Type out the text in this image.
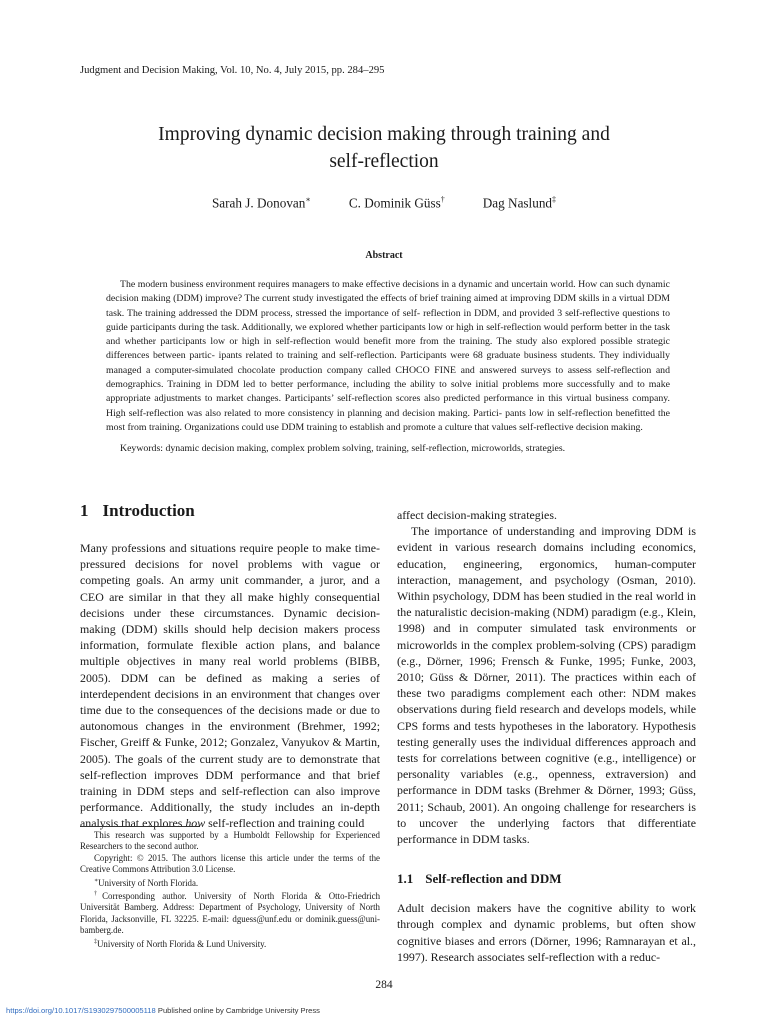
Judgment and Decision Making, Vol. 10, No. 4, July 2015, pp. 284–295
Improving dynamic decision making through training and
self-reflection
Sarah J. Donovan∗	C. Dominik Güss†	Dag Naslund‡
Abstract

The modern business environment requires managers to make effective decisions in a dynamic and uncertain world. How can such dynamic decision making (DDM) improve? The current study investigated the effects of brief training aimed at improving DDM skills in a virtual DDM task. The training addressed the DDM process, stressed the importance of self- reflection in DDM, and provided 3 self-reflective questions to guide participants during the task. Additionally, we explored whether participants low or high in self-reflection would perform better in the task and whether participants low or high in self-reflection would benefit more from the training. The study also explored possible strategic differences between partic- ipants related to training and self-reflection. Participants were 68 graduate business students. They individually managed a computer-simulated chocolate production company called CHOCO FINE and answered surveys to assess self-reflection and demographics. Training in DDM led to better performance, including the ability to solve initial problems more successfully and to make appropriate adjustments to market changes. Participants’ self-reflection scores also predicted performance in this virtual business company. High self-reflection was also related to more consistency in planning and decision making. Partici- pants low in self-reflection benefitted the most from training. Organizations could use DDM training to establish and promote a culture that values self-reflective decision making.

Keywords: dynamic decision making, complex problem solving, training, self-reflection, microworlds, strategies.

1 Introduction

Many professions and situations require people to make time-pressured decisions for novel problems with vague or competing goals. An army unit commander, a juror, and a CEO are similar in that they all make highly consequential decisions under these circumstances. Dynamic decision-making (DDM) skills should help decision makers process information, formulate flexible action plans, and balance multiple objectives in many real world problems (BIBB, 2005). DDM can be defined as making a series of interdependent decisions in an environment that changes over time due to the consequences of the decisions made or due to autonomous changes in the environment (Brehmer, 1992; Fischer, Greiff & Funke, 2012; Gonzalez, Vanyukov & Martin, 2005). The goals of the current study are to demonstrate that self-reflection improves DDM performance and that brief training in DDM steps and self-reflection can also improve performance. Additionally, the study includes an in-depth analysis that explores how self-reflection and training could

This research was supported by a Humboldt Fellowship for Experienced Researchers to the second author.

Copyright: © 2015. The authors license this article under the terms of the Creative Commons Attribution 3.0 License.

∗University of North Florida.

†Corresponding author. University of North Florida & Otto-Friedrich Universität Bamberg. Address: Department of Psychology, University of North Florida, Jacksonville, FL 32225. E-mail: dguess@unf.edu or dominik.guess@uni-bamberg.de.

‡University of North Florida & Lund University.

affect decision-making strategies.

The importance of understanding and improving DDM is evident in various research domains including economics, education, engineering, ergonomics, human-computer interaction, management, and psychology (Osman, 2010). Within psychology, DDM has been studied in the real world in the naturalistic decision-making (NDM) paradigm (e.g., Klein, 1998) and in computer simulated task environments or microworlds in the complex problem-solving (CPS) paradigm (e.g., Dörner, 1996; Frensch & Funke, 1995; Funke, 2003, 2010; Güss & Dörner, 2011). The practices within each of these two paradigms complement each other: NDM makes observations during field research and develops models, while CPS forms and tests hypotheses in the laboratory. Hypothesis testing generally uses the individual differences approach and tests for correlations between cognitive (e.g., intelligence) or personality variables (e.g., openness, extraversion) and performance in DDM tasks (Brehmer & Dörner, 1993; Güss, 2011; Schaub, 2001). An ongoing challenge for researchers is to uncover the underlying factors that differentiate performance in DDM tasks.

1.1 Self-reflection and DDM

Adult decision makers have the cognitive ability to work through complex and dynamic problems, but often show cognitive biases and errors (Dörner, 1996; Ramnarayan et al., 1997). Research associates self-reflection with a reduc-

284
https://doi.org/10.1017/S1930297500005118 Published online by Cambridge University Press
